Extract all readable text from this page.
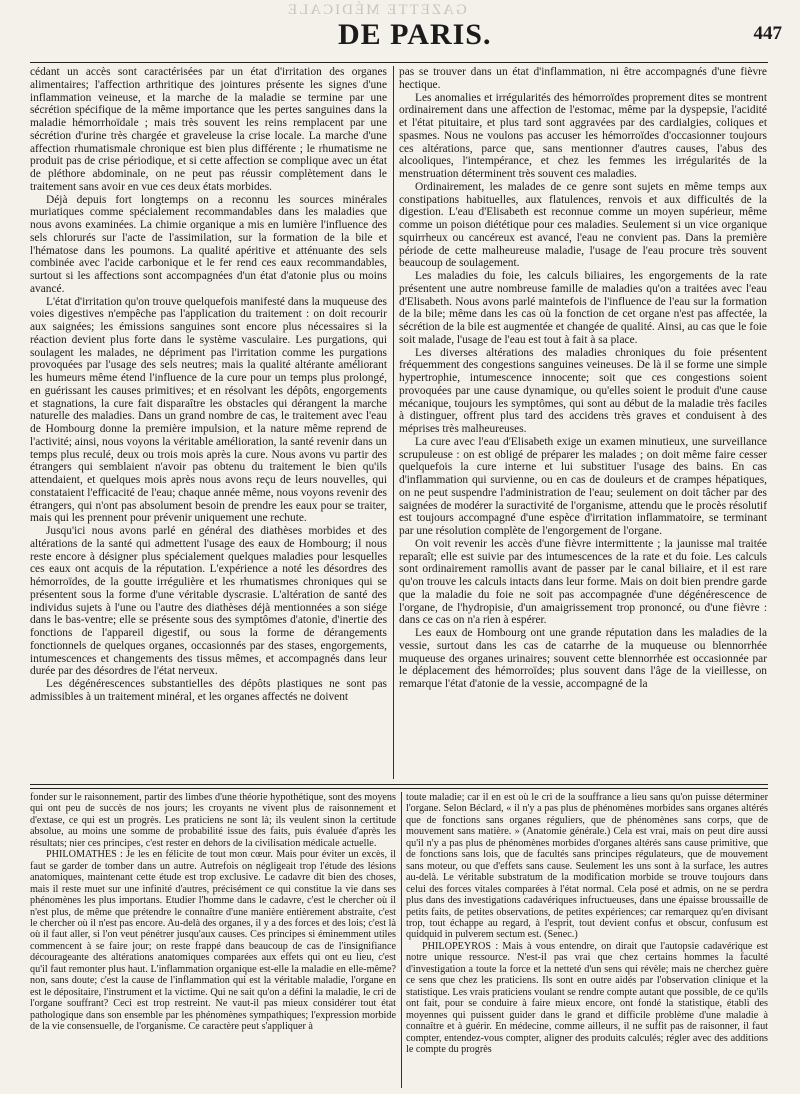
GAZETTE MÉDICALE
DE PARIS.	447

cédant un accès sont caractérisées par un état d'irritation des organes alimentaires; l'affection arthritique des jointures présente les signes d'une inflammation veineuse, et la marche de la maladie se termine par une sécrétion spécifique de la même importance que les pertes sanguines dans la maladie hémorrhoïdale ; mais très souvent les reins remplacent par une sécrétion d'urine très chargée et graveleuse la crise locale. La marche d'une affection rhumatismale chronique est bien plus différente ; le rhumatisme ne produit pas de crise périodique, et si cette affection se complique avec un état de pléthore abdominale, on ne peut pas réussir complètement dans le traitement sans avoir en vue ces deux états morbides.

Déjà depuis fort longtemps on a reconnu les sources minérales muriatiques comme spécialement recommandables dans les maladies que nous avons examinées. La chimie organique a mis en lumière l'influence des sels chlorurés sur l'acte de l'assimilation, sur la formation de la bile et l'hématose dans les poumons. La qualité apéritive et atténuante des sels combinée avec l'acide carbonique et le fer rend ces eaux recommandables, surtout si les affections sont accompagnées d'un état d'atonie plus ou moins avancé.

L'état d'irritation qu'on trouve quelquefois manifesté dans la muqueuse des voies digestives n'empêche pas l'application du traitement : on doit recourir aux saignées; les émissions sanguines sont encore plus nécessaires si la réaction devient plus forte dans le système vasculaire. Les purgations, qui soulagent les malades, ne dépriment pas l'irritation comme les purgations provoquées par l'usage des sels neutres; mais la qualité altérante améliorant les humeurs même étend l'influence de la cure pour un temps plus prolongé, en guérissant les causes primitives; et en résolvant les dépôts, engorgements et stagnations, la cure fait disparaître les obstacles qui dérangent la marche naturelle des maladies. Dans un grand nombre de cas, le traitement avec l'eau de Hombourg donne la première impulsion, et la nature même reprend de l'activité; ainsi, nous voyons la véritable amélioration, la santé revenir dans un temps plus reculé, deux ou trois mois après la cure. Nous avons vu partir des étrangers qui semblaient n'avoir pas obtenu du traitement le bien qu'ils attendaient, et quelques mois après nous avons reçu de leurs nouvelles, qui constataient l'efficacité de l'eau; chaque année même, nous voyons revenir des étrangers, qui n'ont pas absolument besoin de prendre les eaux pour se traiter, mais qui les prennent pour prévenir uniquement une rechute.

Jusqu'ici nous avons parlé en général des diathèses morbides et des altérations de la santé qui admettent l'usage des eaux de Hombourg; il nous reste encore à désigner plus spécialement quelques maladies pour lesquelles ces eaux ont acquis de la réputation. L'expérience a noté les désordres des hémorroïdes, de la goutte irrégulière et les rhumatismes chroniques qui se présentent sous la forme d'une véritable dyscrasie. L'altération de santé des individus sujets à l'une ou l'autre des diathèses déjà mentionnées a son siége dans le bas-ventre; elle se présente sous des symptômes d'atonie, d'inertie des fonctions de l'appareil digestif, ou sous la forme de dérangements fonctionnels de quelques organes, occasionnés par des stases, engorgements, intumescences et changements des tissus mêmes, et accompagnés dans leur durée par des désordres de l'état nerveux.

Les dégénérescences substantielles des dépôts plastiques ne sont pas admissibles à un traitement minéral, et les organes affectés ne doivent

pas se trouver dans un état d'inflammation, ni être accompagnés d'une fièvre hectique.

Les anomalies et irrégularités des hémorroïdes proprement dites se montrent ordinairement dans une affection de l'estomac, même par la dyspepsie, l'acidité et l'état pituitaire, et plus tard sont aggravées par des cardialgies, coliques et spasmes. Nous ne voulons pas accuser les hémorroïdes d'occasionner toujours ces altérations, parce que, sans mentionner d'autres causes, l'abus des alcooliques, l'intempérance, et chez les femmes les irrégularités de la menstruation déterminent très souvent ces maladies.

Ordinairement, les malades de ce genre sont sujets en même temps aux constipations habituelles, aux flatulences, renvois et aux difficultés de la digestion. L'eau d'Elisabeth est reconnue comme un moyen supérieur, même comme un poison diététique pour ces maladies. Seulement si un vice organique squirrheux ou cancéreux est avancé, l'eau ne convient pas. Dans la première période de cette malheureuse maladie, l'usage de l'eau procure très souvent beaucoup de soulagement.

Les maladies du foie, les calculs biliaires, les engorgements de la rate présentent une autre nombreuse famille de maladies qu'on a traitées avec l'eau d'Elisabeth. Nous avons parlé maintefois de l'influence de l'eau sur la formation de la bile; même dans les cas où la fonction de cet organe n'est pas affectée, la sécrétion de la bile est augmentée et changée de qualité. Ainsi, au cas que le foie soit malade, l'usage de l'eau est tout à fait à sa place.

Les diverses altérations des maladies chroniques du foie présentent fréquemment des congestions sanguines veineuses. De là il se forme une simple hypertrophie, intumescence innocente; soit que ces congestions soient provoquées par une cause dynamique, ou qu'elles soient le produit d'une cause mécanique, toujours les symptômes, qui sont au début de la maladie très faciles à distinguer, offrent plus tard des accidens très graves et conduisent à des méprises très malheureuses.

La cure avec l'eau d'Elisabeth exige un examen minutieux, une surveillance scrupuleuse : on est obligé de préparer les malades ; on doit même faire cesser quelquefois la cure interne et lui substituer l'usage des bains. En cas d'inflammation qui survienne, ou en cas de douleurs et de crampes hépatiques, on ne peut suspendre l'administration de l'eau; seulement on doit tâcher par des saignées de modérer la suractivité de l'organisme, attendu que le procès résolutif est toujours accompagné d'une espèce d'irritation inflammatoire, se terminant par une résolution complète de l'engorgement de l'organe.

On voit revenir les accès d'une fièvre intermittente ; la jaunisse mal traitée reparaît; elle est suivie par des intumescences de la rate et du foie. Les calculs sont ordinairement ramollis avant de passer par le canal biliaire, et il est rare qu'on trouve les calculs intacts dans leur forme. Mais on doit bien prendre garde que la maladie du foie ne soit pas accompagnée d'une dégénérescence de l'organe, de l'hydropisie, d'un amaigrissement trop prononcé, ou d'une fièvre : dans ce cas on n'a rien à espérer.

Les eaux de Hombourg ont une grande réputation dans les maladies de la vessie, surtout dans les cas de catarrhe de la muqueuse ou blennorrhée muqueuse des organes urinaires; souvent cette blennorrhée est occasionnée par le déplacement des hémorroïdes; plus souvent dans l'âge de la vieillesse, on remarque l'état d'atonie de la vessie, accompagné de la

fonder sur le raisonnement, partir des limbes d'une théorie hypothétique, sont des moyens qui ont peu de succès de nos jours; les croyants ne vivent plus de raisonnement et d'extase, ce qui est un progrès. Les praticiens ne sont là; ils veulent sinon la certitude absolue, au moins une somme de probabilité issue des faits, puis évaluée d'après les résultats; nier ces principes, c'est rester en dehors de la civilisation médicale actuelle.

PHILOMATHES : Je les en félicite de tout mon cœur. Mais pour éviter un excès, il faut se garder de tomber dans un autre. Autrefois on négligeait trop l'étude des lésions anatomiques, maintenant cette étude est trop exclusive. Le cadavre dit bien des choses, mais il reste muet sur une infinité d'autres, précisément ce qui constitue la vie dans ses phénomènes les plus importans. Etudier l'homme dans le cadavre, c'est le chercher où il n'est plus, de même que prétendre le connaître d'une manière entièrement abstraite, c'est le chercher où il n'est pas encore. Au-delà des organes, il y a des forces et des lois; c'est là où il faut aller, si l'on veut pénétrer jusqu'aux causes. Ces principes si éminemment utiles commencent à se faire jour; on reste frappé dans beaucoup de cas de l'insignifiance décourageante des altérations anatomiques comparées aux effets qui ont eu lieu, c'est qu'il faut remonter plus haut. L'inflammation organique est-elle la maladie en elle-même? non, sans doute; c'est la cause de l'inflammation qui est la véritable maladie, l'organe en est le dépositaire, l'instrument et la victime. Qui ne sait qu'on a défini la maladie, le cri de l'organe souffrant? Ceci est trop restreint. Ne vaut-il pas mieux considérer tout état pathologique dans son ensemble par les phénomènes sympathiques; l'expression morbide de la vie consensuelle, de l'organisme. Ce caractère peut s'appliquer à

toute maladie; car il en est où le cri de la souffrance a lieu sans qu'on puisse déterminer l'organe. Selon Béclard, « il n'y a pas plus de phénomènes morbides sans organes altérés que de fonctions sans organes réguliers, que de phénomènes sans corps, que de mouvement sans matière. » (Anatomie générale.) Cela est vrai, mais on peut dire aussi qu'il n'y a pas plus de phénomènes morbides d'organes altérés sans cause primitive, que de fonctions sans lois, que de facultés sans principes régulateurs, que de mouvement sans moteur, ou que d'effets sans cause. Seulement les uns sont à la surface, les autres au-delà. Le véritable substratum de la modification morbide se trouve toujours dans celui des forces vitales comparées à l'état normal. Cela posé et admis, on ne se perdra plus dans des investigations cadavériques infructueuses, dans une épaisse broussaille de petits faits, de petites observations, de petites expériences; car remarquez qu'en divisant trop, tout échappe au regard, à l'esprit, tout devient confus et obscur, confusum est quidquid in pulverem sectum est. (Senec.)

PHILOPEYROS : Mais à vous entendre, on dirait que l'autopsie cadavérique est notre unique ressource. N'est-il pas vrai que chez certains hommes la faculté d'investigation a toute la force et la netteté d'un sens qui révèle; mais ne cherchez guère ce sens que chez les praticiens. Ils sont en outre aidés par l'observation clinique et la statistique. Les vrais praticiens voulant se rendre compte autant que possible, de ce qu'ils ont fait, pour se conduire à faire mieux encore, ont fondé la statistique, établi des moyennes qui puissent guider dans le grand et difficile problème d'une maladie à connaître et à guérir. En médecine, comme ailleurs, il ne suffit pas de raisonner, il faut compter, entendez-vous compter, aligner des produits calculés; régler avec des additions le compte du progrès
